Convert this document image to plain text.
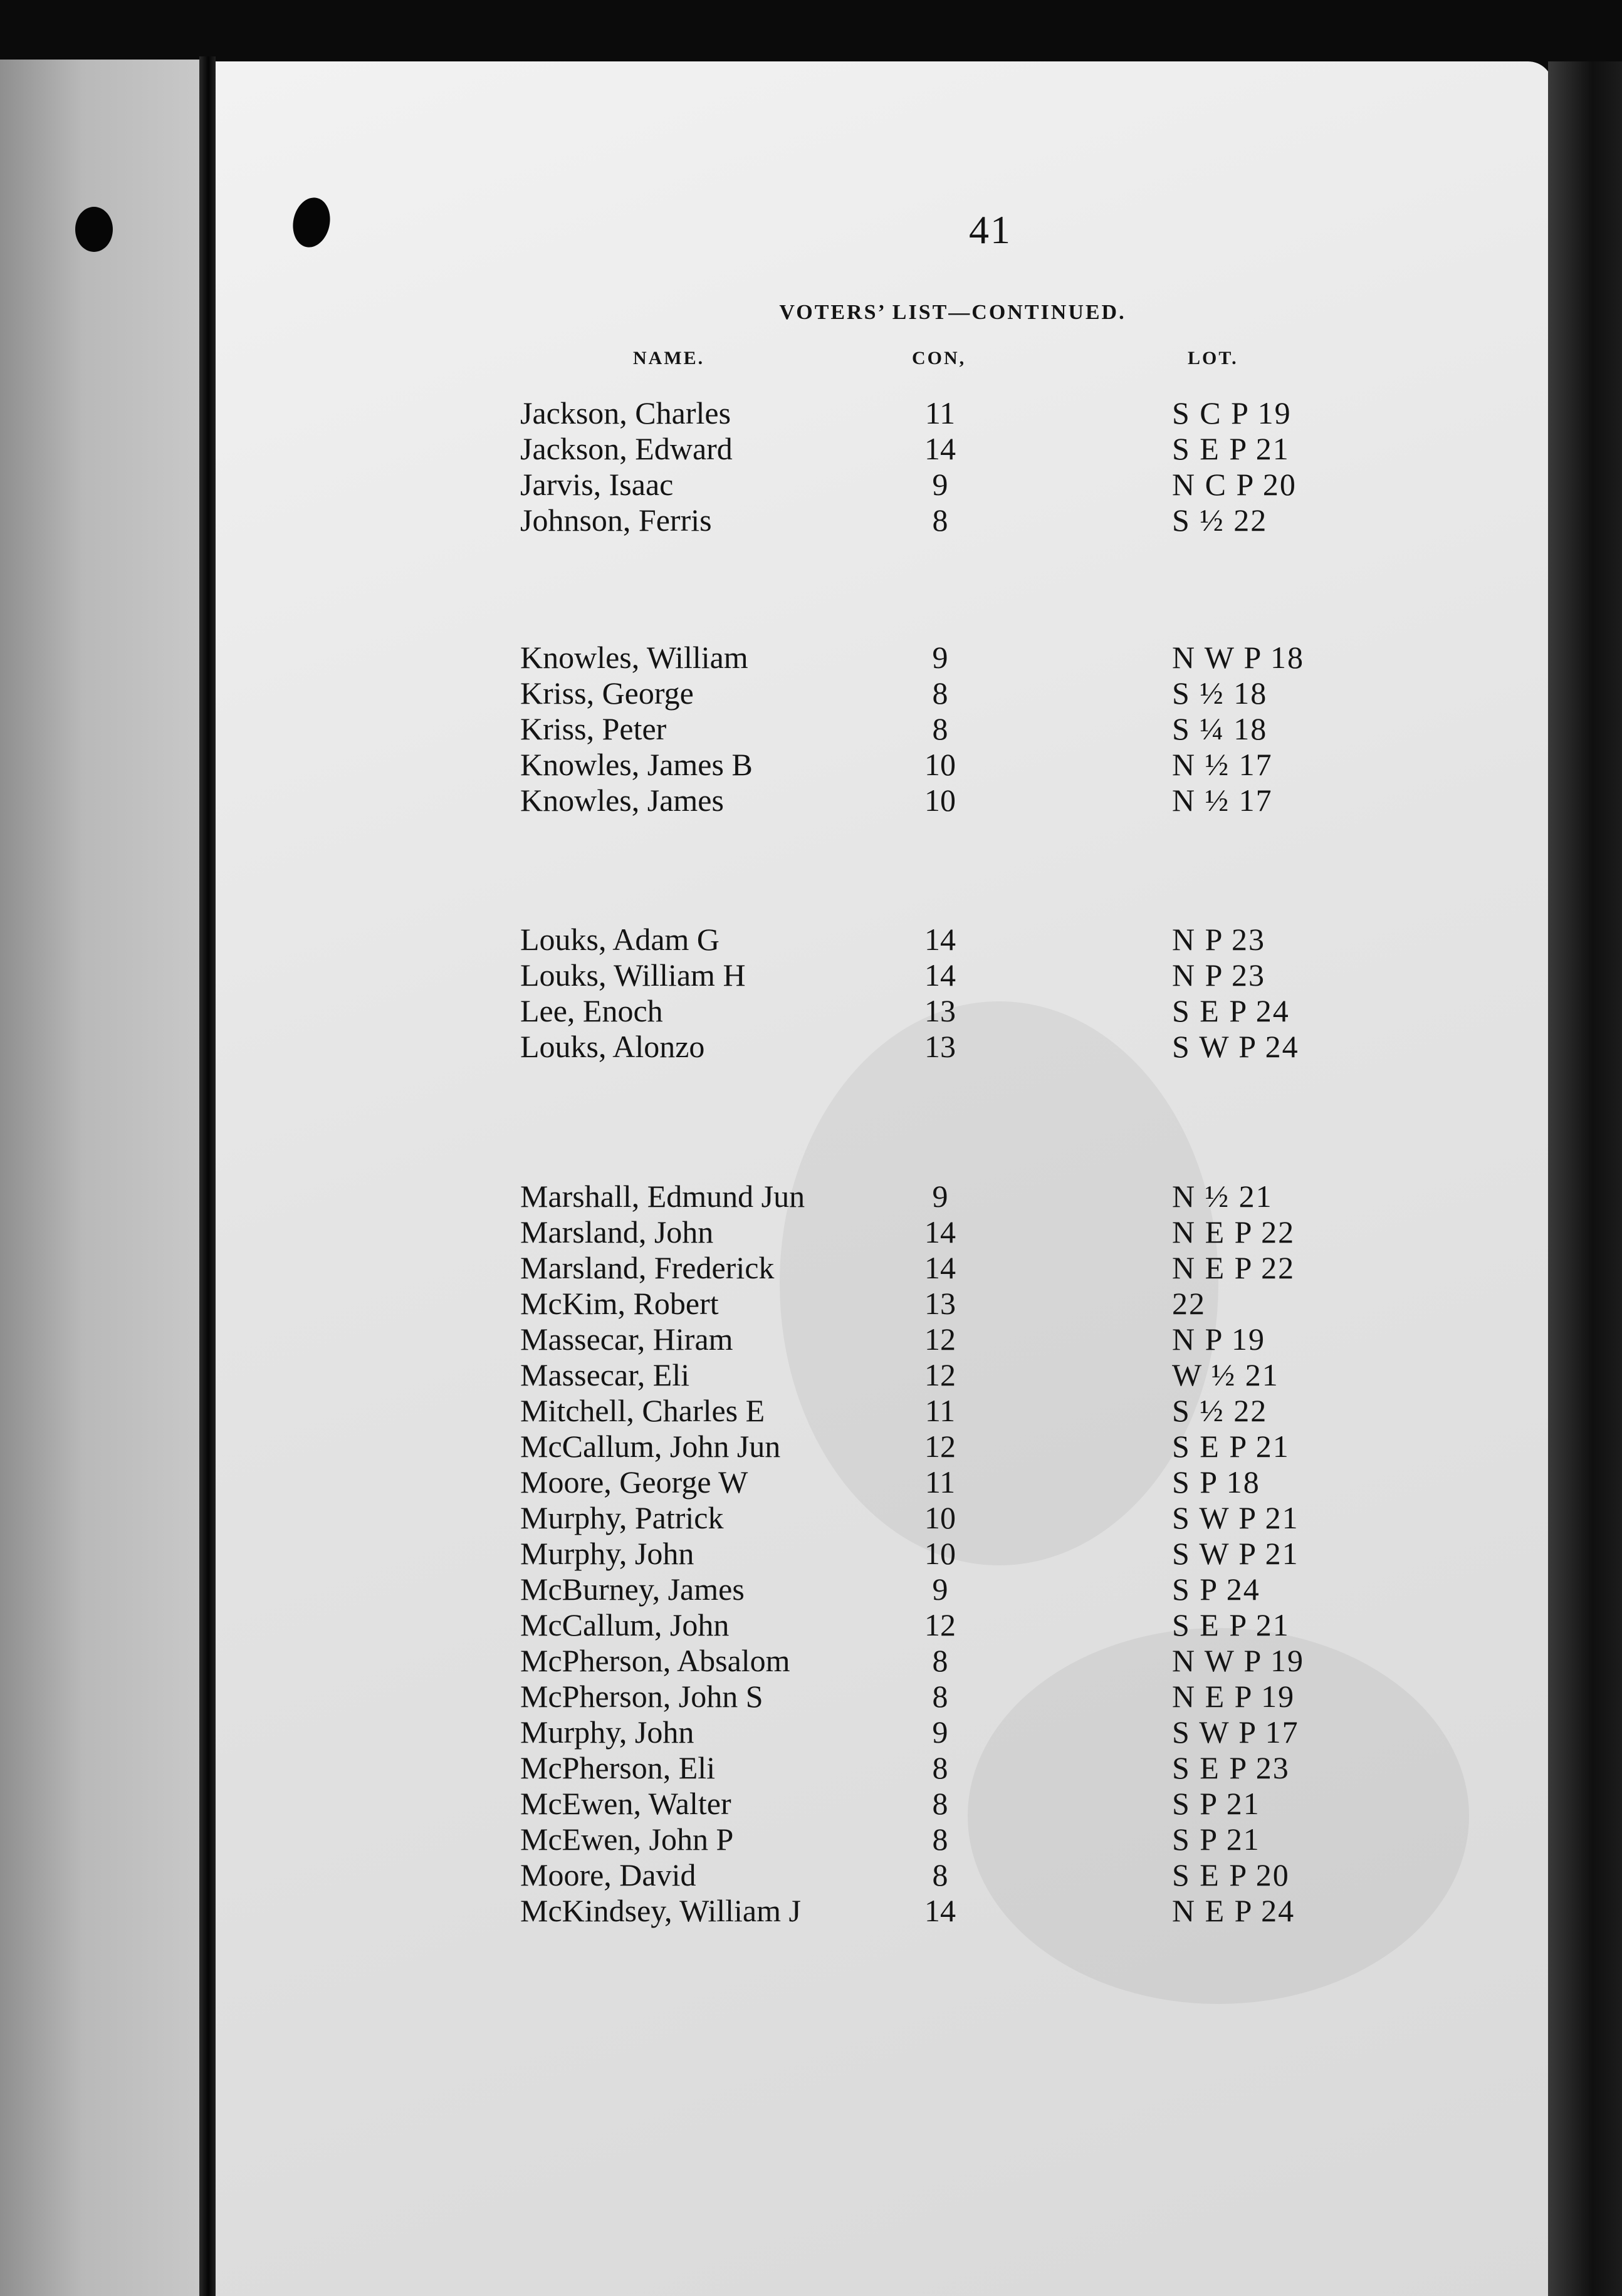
41
VOTERS’ LIST—CONTINUED.
NAME.	CON,	LOT.
Jackson, Charles	11	S C P 19
Jackson, Edward	14	S E P 21
Jarvis, Isaac	9	N C P 20
Johnson, Ferris	8	S ½ 22
Knowles, William	9	N W P 18
Kriss, George	8	S ½ 18
Kriss, Peter	8	S ¼ 18
Knowles, James B	10	N ½ 17
Knowles, James	10	N ½ 17
Louks, Adam G	14	N P 23
Louks, William H	14	N P 23
Lee, Enoch	13	S E P 24
Louks, Alonzo	13	S W P 24
Marshall, Edmund Jun	9	N ½ 21
Marsland, John	14	N E P 22
Marsland, Frederick	14	N E P 22
McKim, Robert	13	22
Massecar, Hiram	12	N P 19
Massecar, Eli	12	W ½ 21
Mitchell, Charles E	11	S ½ 22
McCallum, John Jun	12	S E P 21
Moore, George W	11	S P 18
Murphy, Patrick	10	S W P 21
Murphy, John	10	S W P 21
McBurney, James	9	S P 24
McCallum, John	12	S E P 21
McPherson, Absalom	8	N W P 19
McPherson, John S	8	N E P 19
Murphy, John	9	S W P 17
McPherson, Eli	8	S E P 23
McEwen, Walter	8	S P 21
McEwen, John P	8	S P 21
Moore, David	8	S E P 20
McKindsey, William J	14	N E P 24
